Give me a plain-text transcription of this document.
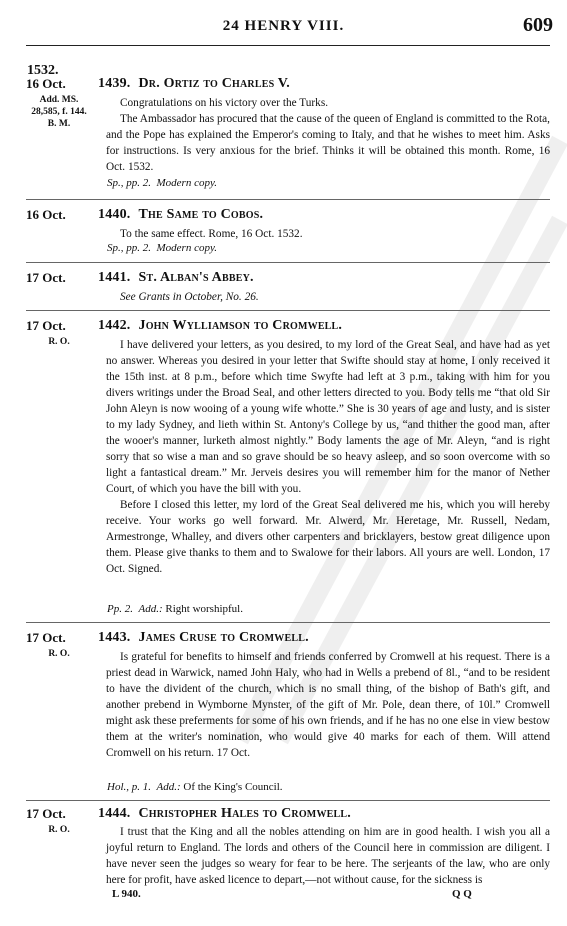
24 HENRY VIII.	609
1532.
16 Oct.
Add. MS.
28,585, f. 144.
B. M.
1439. Dr. Ortiz to Charles V.

Congratulations on his victory over the Turks.

The Ambassador has procured that the cause of the queen of England is committed to the Rota, and the Pope has explained the Emperor's coming to Italy, and that he wishes to meet him. Asks for instructions. Is very anxious for the brief. Thinks it will be obtained this month. Rome, 16 Oct. 1532.

Sp., pp. 2. Modern copy.
16 Oct.	1440. The Same to Cobos.

To the same effect. Rome, 16 Oct. 1532.

Sp., pp. 2. Modern copy.
17 Oct.	1441. St. Alban's Abbey.

See Grants in October, No. 26.

17 Oct.
R. O.
1442. John Wylliamson to Cromwell.

I have delivered your letters, as you desired, to my lord of the Great Seal, and have had as yet no answer. Whereas you desired in your letter that Swifte should stay at home, I only received it the 15th inst. at 8 p.m., before which time Swyfte had left at 3 p.m., taking with him for you divers writings under the Broad Seal, and other letters directed to you. Body tells me “that old Sir John Aleyn is now wooing of a young wife whotte.” She is 30 years of age and lusty, and is sister to my lady Sydney, and lieth within St. Antony's College by us, “and thither the good man, after the wooer's manner, lurketh almost nightly.” Body laments the age of Mr. Aleyn, “and is right sorry that so wise a man and so grave should be so heavy asleep, and so soon overcome with so light a fantastical dream.” Mr. Jerveis desires you will remember him for the manor of Nether Court, of which you have the bill with you.

Before I closed this letter, my lord of the Great Seal delivered me his, which you will hereby receive. Your works go well forward. Mr. Alwerd, Mr. Heretage, Mr. Russell, Nedam, Armestronge, Whalley, and divers other carpenters and bricklayers, bestow great diligence upon them. Please give thanks to them and to Swalowe for their labors. All yours are well. London, 17 Oct. Signed.

Pp. 2. Add.: Right worshipful.
17 Oct.
R. O.
1443. James Cruse to Cromwell.

Is grateful for benefits to himself and friends conferred by Cromwell at his request. There is a priest dead in Warwick, named John Haly, who had in Wells a prebend of 8l., “and to be resident to have the divident of the church, which is no small thing, of the bishop of Bath's gift, and another prebend in Wymborne Mynster, of the gift of Mr. Pole, dean there, of 10l.” Cromwell might ask these preferments for some of his own friends, and if he has no one else in view bestow them at the writer's nomination, who would give 40 marks for each of them. Will attend Cromwell on his return. 17 Oct.

Hol., p. 1. Add.: Of the King's Council.
17 Oct.
R. O.
1444. Christopher Hales to Cromwell.

I trust that the King and all the nobles attending on him are in good health. I wish you all a joyful return to England. The lords and others of the Council here in commission are diligent. I have never seen the judges so weary for fear to be here. The serjeants of the law, who are only here for profit, have asked licence to depart,—not without cause, for the sickness is

L 940.	Q Q
